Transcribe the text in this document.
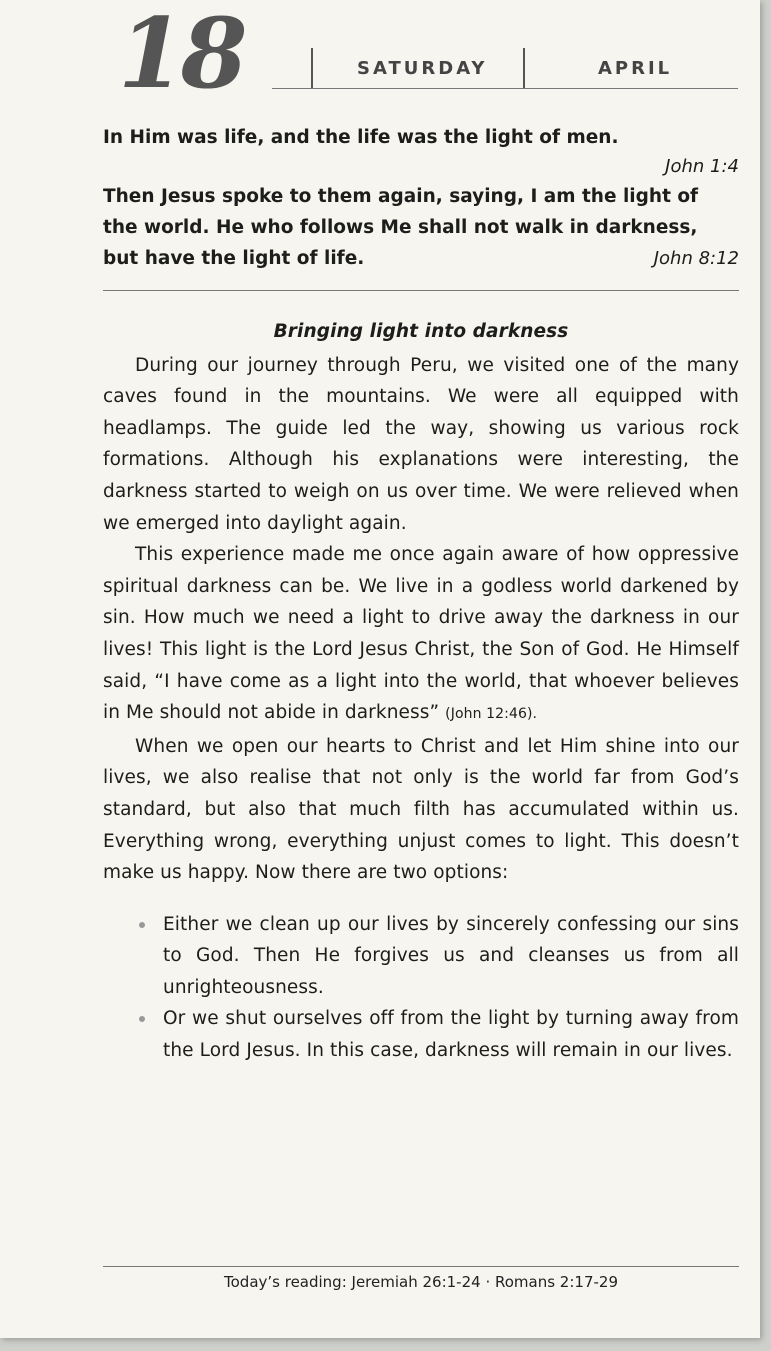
18	SATURDAY	APRIL

In Him was life, and the life was the light of men.

John 1:4

Then Jesus spoke to them again, saying, I am the light of the world. He who follows Me shall not walk in darkness, but have the light of life.	John 8:12

Bringing light into darkness

During our journey through Peru, we visited one of the many caves found in the mountains. We were all equipped with headlamps. The guide led the way, showing us various rock formations. Although his explanations were interesting, the darkness started to weigh on us over time. We were relieved when we emerged into daylight again.

This experience made me once again aware of how oppressive spiritual darkness can be. We live in a godless world darkened by sin. How much we need a light to drive away the darkness in our lives! This light is the Lord Jesus Christ, the Son of God. He Himself said, “I have come as a light into the world, that whoever believes in Me should not abide in darkness” (John 12:46).

When we open our hearts to Christ and let Him shine into our lives, we also realise that not only is the world far from God’s standard, but also that much filth has accumulated within us. Everything wrong, everything unjust comes to light. This doesn’t make us happy. Now there are two options:

Either we clean up our lives by sincerely confessing our sins to God. Then He forgives us and cleanses us from all unrighteousness.
Or we shut ourselves off from the light by turning away from the Lord Jesus. In this case, darkness will remain in our lives.
Today’s reading: Jeremiah 26:1-24 · Romans 2:17-29
